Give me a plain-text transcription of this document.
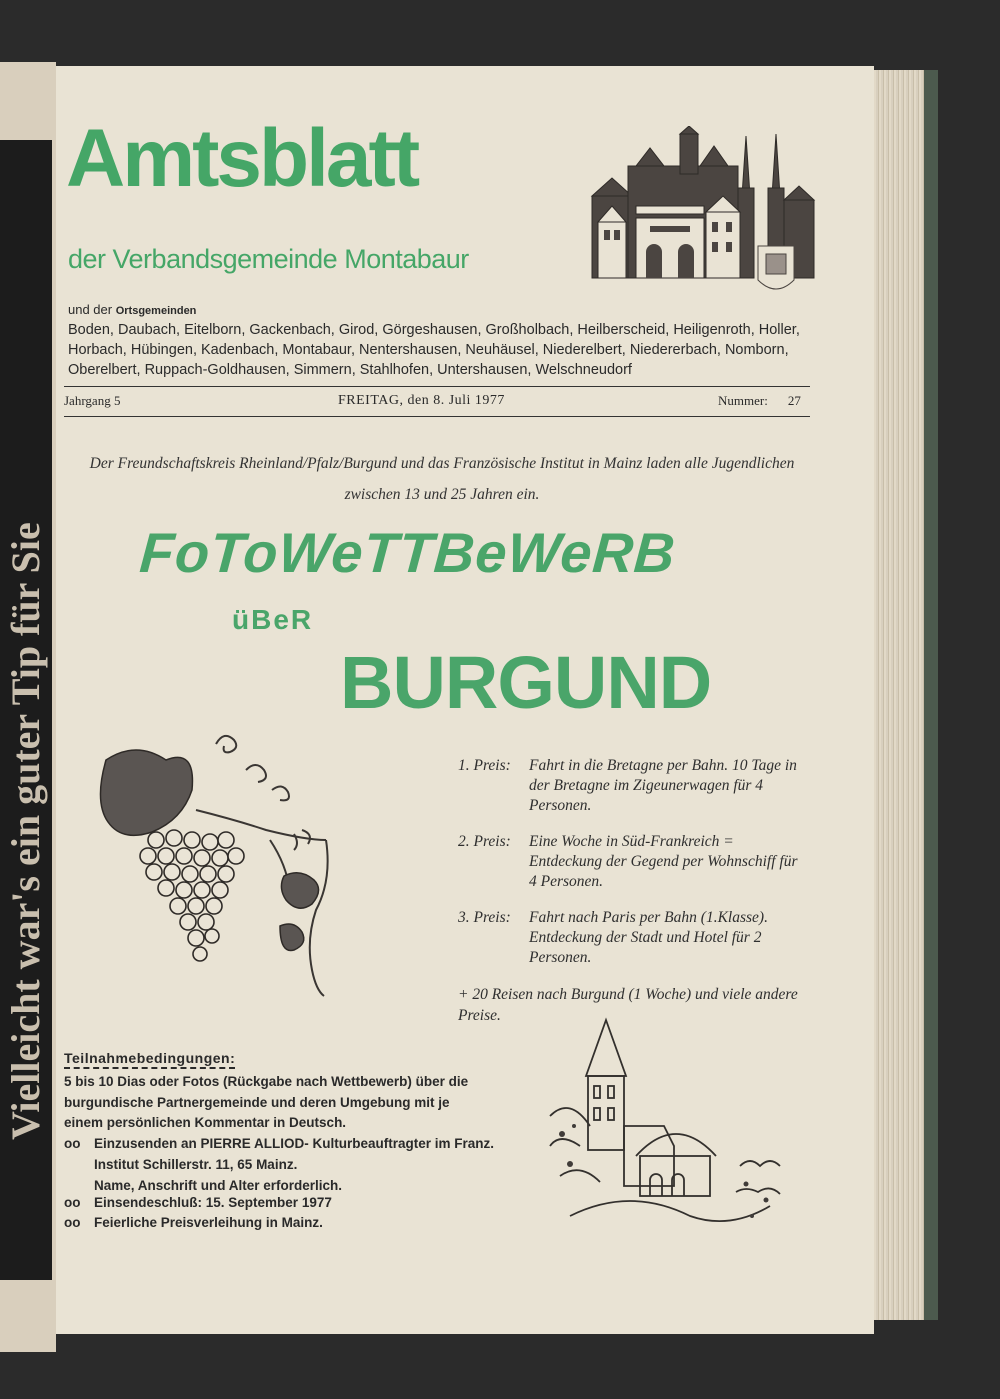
Vielleicht war's ein guter Tip für Sie
Amtsblatt
der Verbandsgemeinde Montabaur
und der Ortsgemeinden
Boden, Daubach, Eitelborn, Gackenbach, Girod, Görgeshausen, Großholbach, Heilberscheid, Heiligenroth, Holler, Horbach, Hübingen, Kadenbach, Montabaur, Nentershausen, Neuhäusel, Niederelbert, Niedererbach, Nomborn, Oberelbert, Ruppach-Goldhausen, Simmern, Stahlhofen, Untershausen, Welschneudorf
Jahrgang 5	FREITAG, den 8. Juli 1977	Nummer: 27
Der Freundschaftskreis Rheinland/Pfalz/Burgund und das Französische Institut in Mainz laden alle Jugendlichen zwischen 13 und 25 Jahren ein.
FoToWeTTBeWeRB
üBeR
BURGUND
1. Preis:	Fahrt in die Bretagne per Bahn. 10 Tage in der Bretagne im Zigeunerwagen für 4 Personen.
2. Preis:	Eine Woche in Süd-Frankreich = Entdeckung der Gegend per Wohnschiff für 4 Personen.
3. Preis:	Fahrt nach Paris per Bahn (1.Klasse). Entdeckung der Stadt und Hotel für 2 Personen.
+ 20 Reisen nach Burgund (1 Woche) und viele andere Preise.
Teilnahmebedingungen:
5 bis 10 Dias oder Fotos (Rückgabe nach Wettbewerb) über die burgundische Partnergemeinde und deren Umgebung mit je einem persönlichen Kommentar in Deutsch.
oo Einzusenden an PIERRE ALLIOD- Kulturbeauftragter im Franz.
Institut Schillerstr. 11, 65 Mainz.
Name, Anschrift und Alter erforderlich.
oo Einsendeschluß: 15. September 1977
oo Feierliche Preisverleihung in Mainz.
